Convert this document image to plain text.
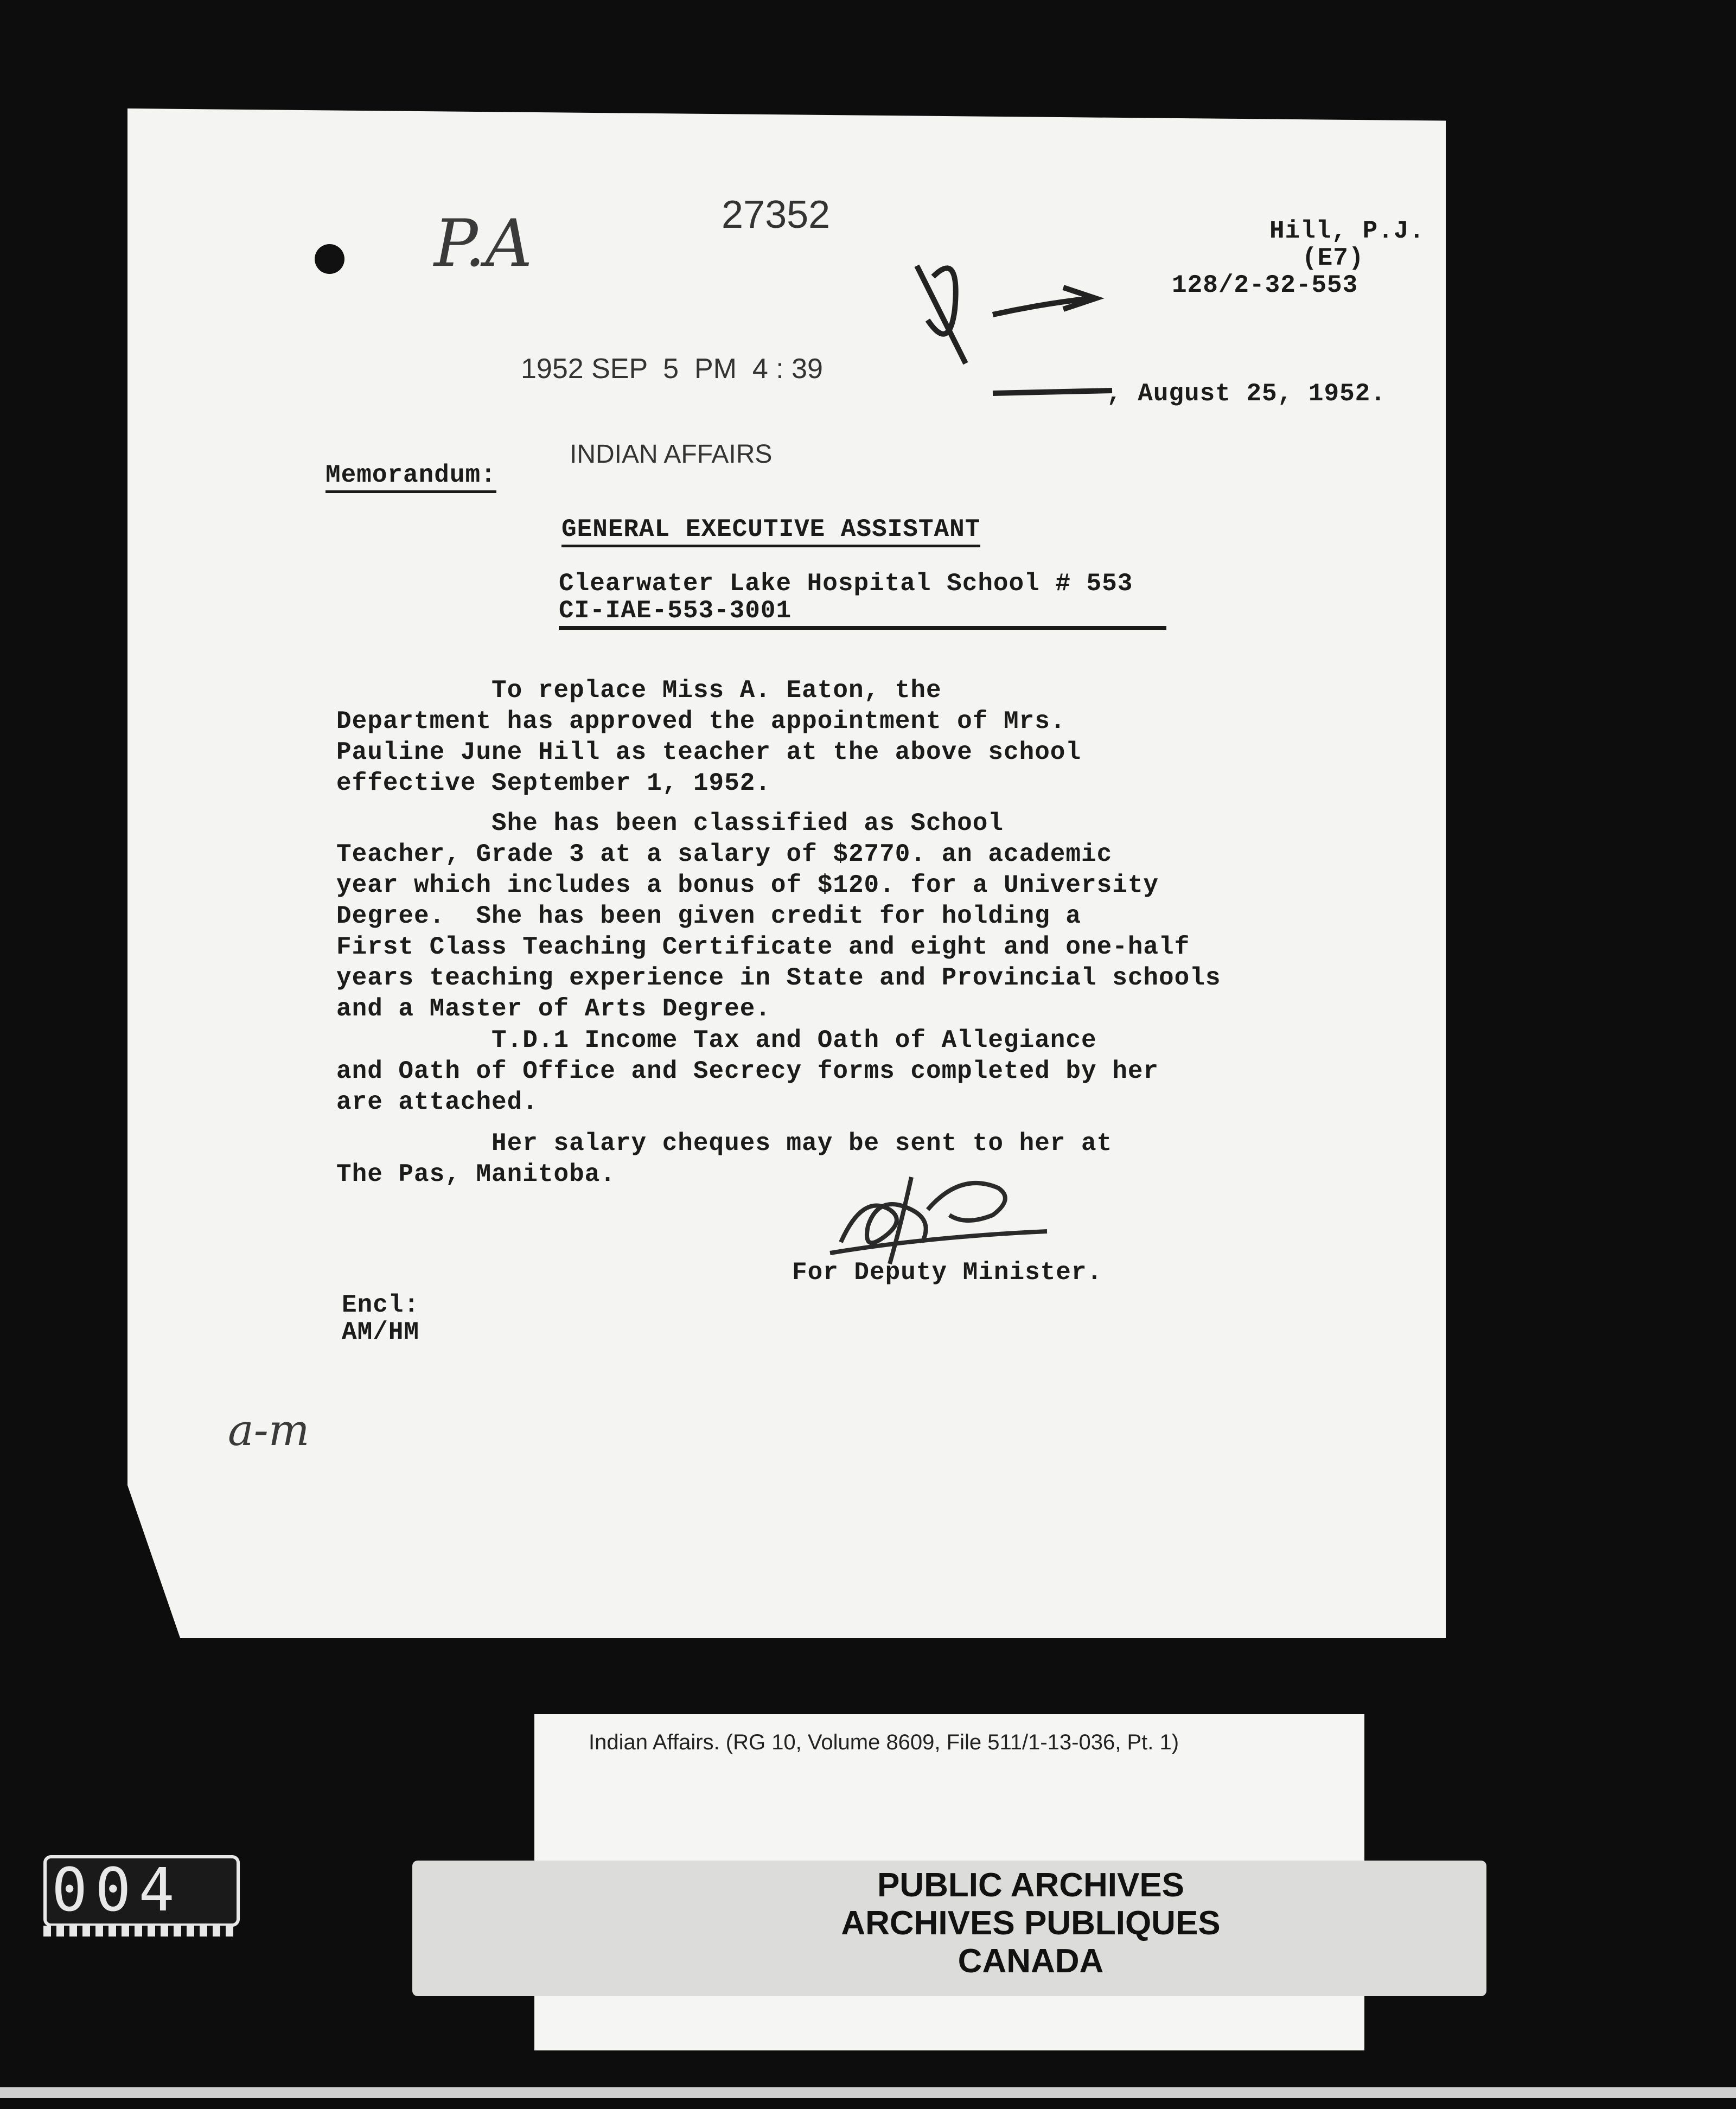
27352
1952 SEP  5  PM  4 : 39
INDIAN AFFAIRS
P.A
a-m
Hill, P.J.
(E7)
128/2-32-553
, August 25, 1952.
Memorandum:
GENERAL EXECUTIVE ASSISTANT
Clearwater Lake Hospital School # 553
CI-IAE-553-3001
To replace Miss A. Eaton, the
Department has approved the appointment of Mrs.
Pauline June Hill as teacher at the above school
effective September 1, 1952.
She has been classified as School
Teacher, Grade 3 at a salary of $2770. an academic
year which includes a bonus of $120. for a University
Degree.  She has been given credit for holding a
First Class Teaching Certificate and eight and one-half
years teaching experience in State and Provincial schools
and a Master of Arts Degree.
T.D.1 Income Tax and Oath of Allegiance
and Oath of Office and Secrecy forms completed by her
are attached.
Her salary cheques may be sent to her at
The Pas, Manitoba.
For Deputy Minister.
Encl:
AM/HM
Indian Affairs. (RG 10, Volume 8609, File 511/1-13-036, Pt. 1)
PUBLIC ARCHIVES
ARCHIVES PUBLIQUES
CANADA
004
